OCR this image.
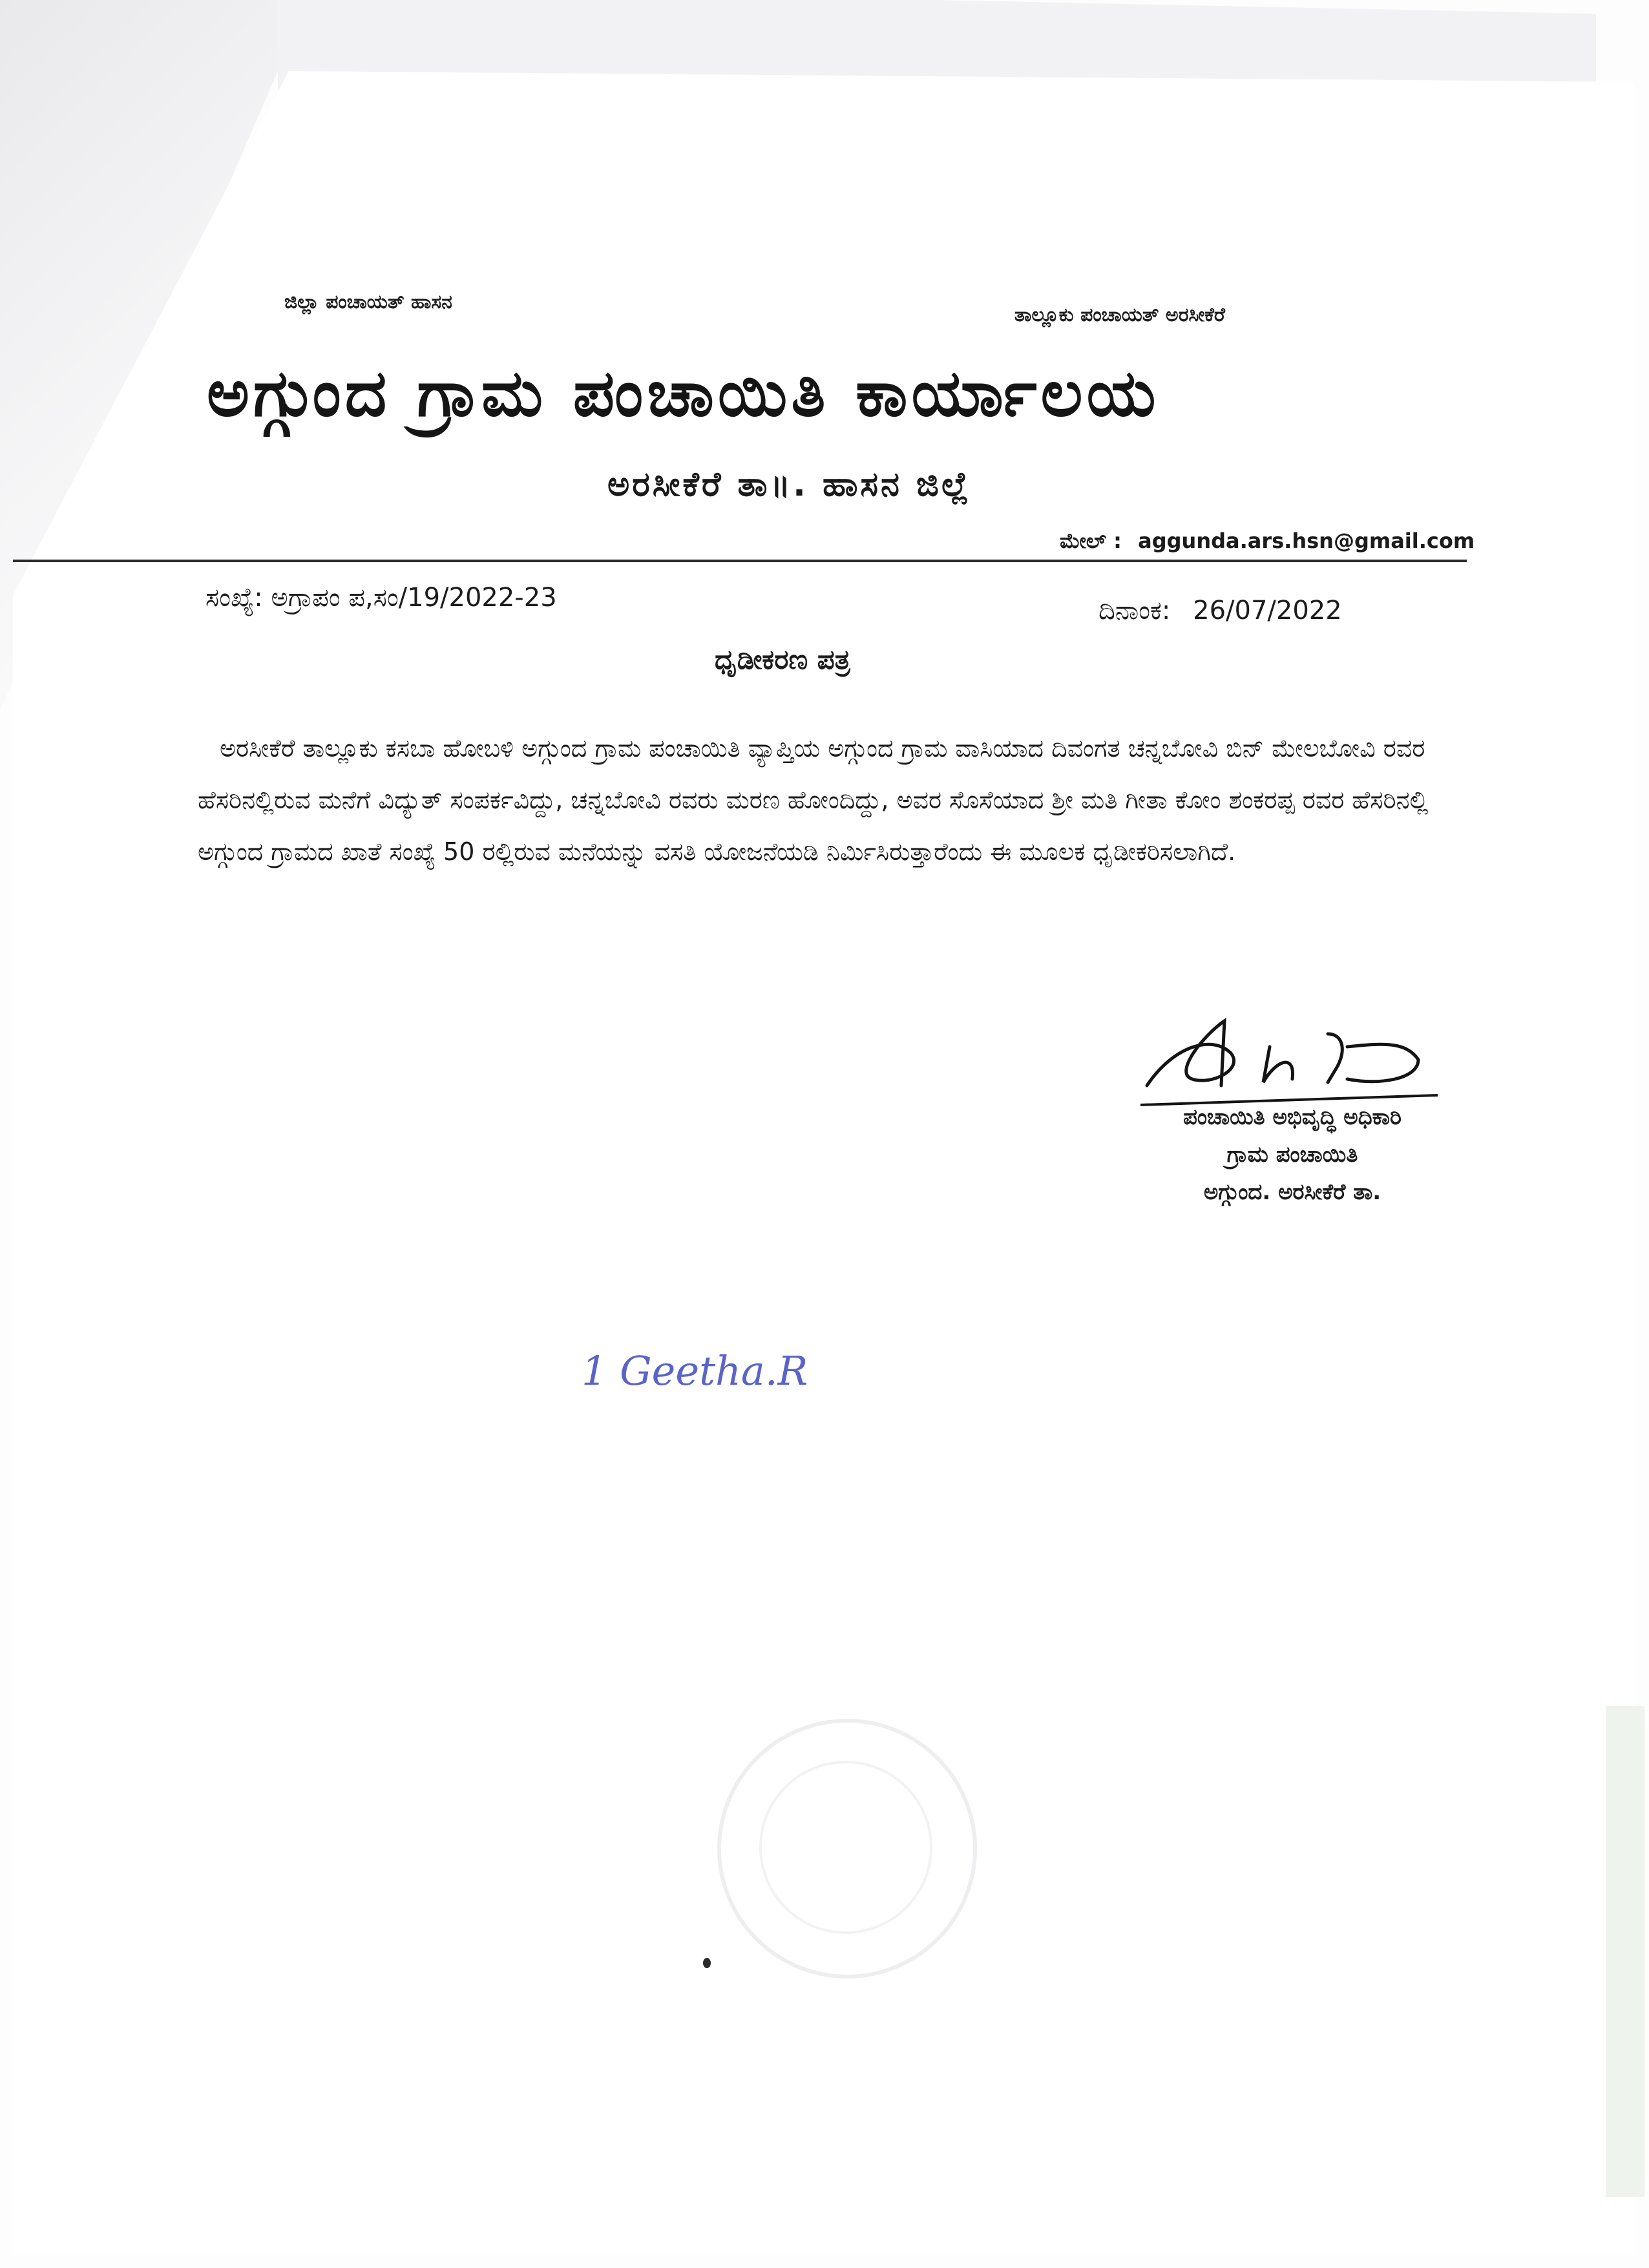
ಜಿಲ್ಲಾ ಪಂಚಾಯತ್ ಹಾಸನ
ತಾಲ್ಲೂಕು ಪಂಚಾಯತ್ ಅರಸೀಕೆರೆ
ಅಗ್ಗುಂದ ಗ್ರಾಮ ಪಂಚಾಯಿತಿ ಕಾರ್ಯಾಲಯ
ಅರಸೀಕೆರೆ ತಾ॥. ಹಾಸನ ಜಿಲ್ಲೆ
ಮೇಲ್ : aggunda.ars.hsn@gmail.com
ಸಂಖ್ಯೆ: ಅಗ್ರಾಪಂ ಪ,ಸಂ/19/2022-23	ದಿನಾಂಕ: 26/07/2022
ಧೃಡೀಕರಣ ಪತ್ರ
ಅರಸೀಕೆರೆ ತಾಲ್ಲೂಕು ಕಸಬಾ ಹೋಬಳಿ ಅಗ್ಗುಂದ ಗ್ರಾಮ ಪಂಚಾಯಿತಿ ವ್ಯಾಪ್ತಿಯ ಅಗ್ಗುಂದ ಗ್ರಾಮ ವಾಸಿಯಾದ ದಿವಂಗತ ಚನ್ನಬೋವಿ ಬಿನ್ ಮೇಲಬೋವಿ ರವರ ಹೆಸರಿನಲ್ಲಿರುವ ಮನೆಗೆ ವಿದ್ಯುತ್ ಸಂಪರ್ಕವಿದ್ದು, ಚನ್ನಬೋವಿ ರವರು ಮರಣ ಹೋಂದಿದ್ದು, ಅವರ ಸೊಸೆಯಾದ ಶ್ರೀ ಮತಿ ಗೀತಾ ಕೋಂ ಶಂಕರಪ್ಪ ರವರ ಹೆಸರಿನಲ್ಲಿ ಅಗ್ಗುಂದ ಗ್ರಾಮದ ಖಾತೆ ಸಂಖ್ಯೆ 50 ರಲ್ಲಿರುವ ಮನೆಯನ್ನು ವಸತಿ ಯೋಜನೆಯಡಿ ನಿರ್ಮಿಸಿರುತ್ತಾರೆಂದು ಈ ಮೂಲಕ ಧೃಡೀಕರಿಸಲಾಗಿದೆ.
ಪಂಚಾಯಿತಿ ಅಭಿವೃದ್ಧಿ ಅಧಿಕಾರಿ
ಗ್ರಾಮ ಪಂಚಾಯಿತಿ
ಅಗ್ಗುಂದ. ಅರಸೀಕೆರೆ ತಾ.
1 Geetha.R
